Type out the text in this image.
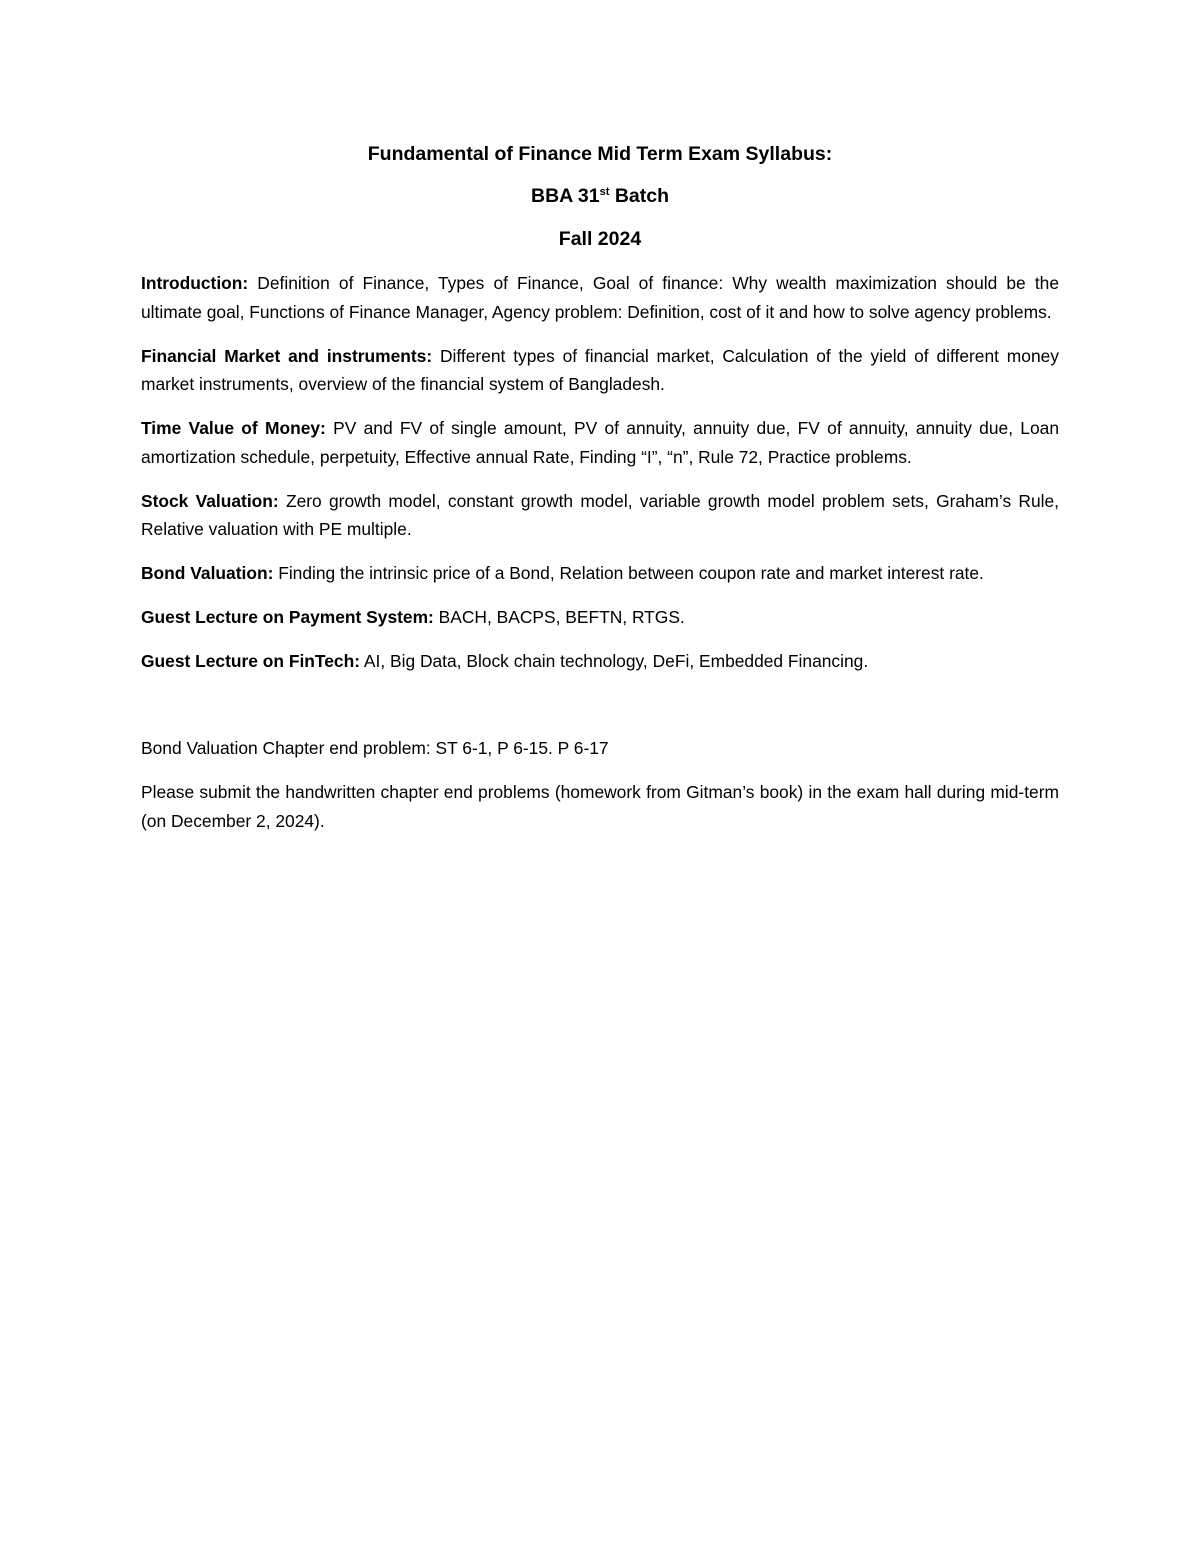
Fundamental of Finance Mid Term Exam Syllabus:

BBA 31st Batch

Fall 2024

Introduction: Definition of Finance, Types of Finance, Goal of finance: Why wealth maximization should be the ultimate goal, Functions of Finance Manager, Agency problem: Definition, cost of it and how to solve agency problems.

Financial Market and instruments: Different types of financial market, Calculation of the yield of different money market instruments, overview of the financial system of Bangladesh.

Time Value of Money: PV and FV of single amount, PV of annuity, annuity due, FV of annuity, annuity due, Loan amortization schedule, perpetuity, Effective annual Rate, Finding “I”, “n”, Rule 72, Practice problems.

Stock Valuation: Zero growth model, constant growth model, variable growth model problem sets, Graham’s Rule, Relative valuation with PE multiple.

Bond Valuation: Finding the intrinsic price of a Bond, Relation between coupon rate and market interest rate.

Guest Lecture on Payment System: BACH, BACPS, BEFTN, RTGS.

Guest Lecture on FinTech: AI, Big Data, Block chain technology, DeFi, Embedded Financing.

Bond Valuation Chapter end problem: ST 6-1, P 6-15. P 6-17

Please submit the handwritten chapter end problems (homework from Gitman’s book) in the exam hall during mid-term (on December 2, 2024).
